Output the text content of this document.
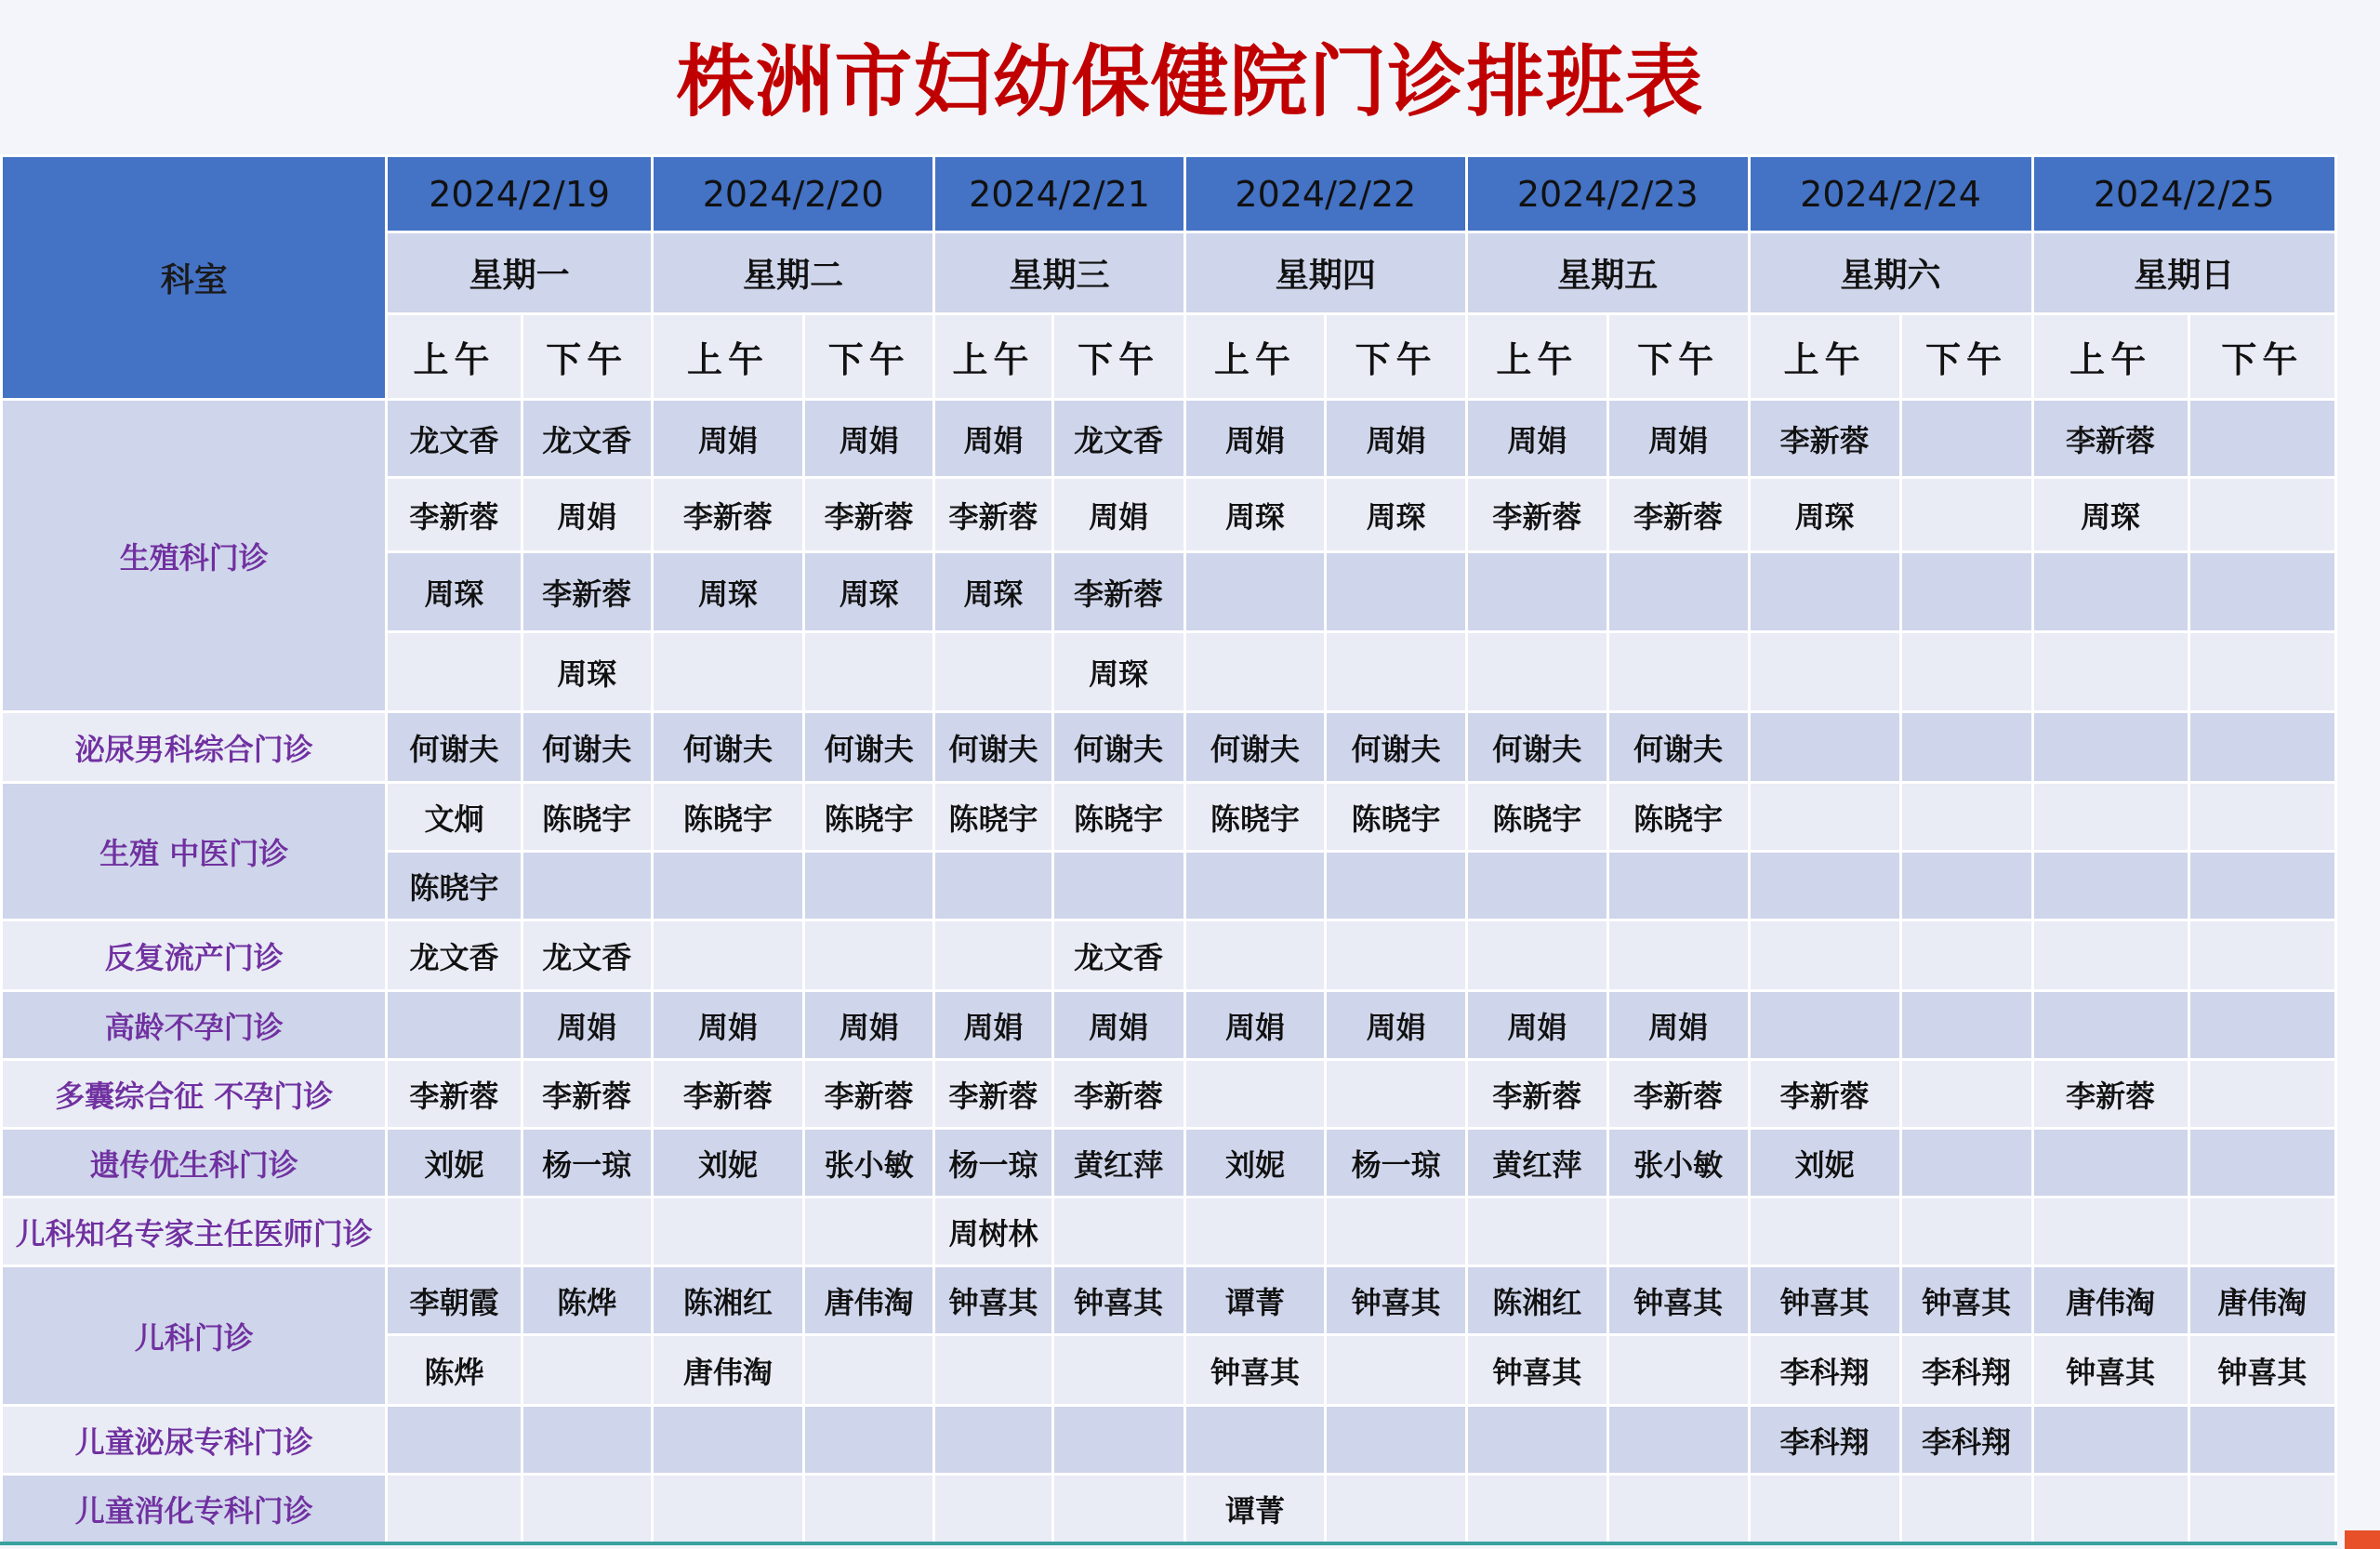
株洲市妇幼保健院门诊排班表
科室	2024/2/19		2024/2/20		2024/2/21		2024/2/22		2024/2/23		2024/2/24		2024/2/25	
	星期一		星期二		星期三		星期四		星期五		星期六		星期日	
	上午	下午	上午	下午	上午	下午	上午	下午	上午	下午	上午	下午	上午	下午
生殖科门诊	龙文香	龙文香	周娟	周娟	周娟	龙文香	周娟	周娟	周娟	周娟	李新蓉		李新蓉	
	李新蓉	周娟	李新蓉	李新蓉	李新蓉	周娟	周琛	周琛	李新蓉	李新蓉	周琛		周琛	
	周琛	李新蓉	周琛	周琛	周琛	李新蓉								
		周琛				周琛								
泌尿男科综合门诊	何谢夫	何谢夫	何谢夫	何谢夫	何谢夫	何谢夫	何谢夫	何谢夫	何谢夫	何谢夫				
生殖 中医门诊	文炯	陈晓宇	陈晓宇	陈晓宇	陈晓宇	陈晓宇	陈晓宇	陈晓宇	陈晓宇	陈晓宇				
	陈晓宇													
反复流产门诊	龙文香	龙文香				龙文香								
高龄不孕门诊		周娟	周娟	周娟	周娟	周娟	周娟	周娟	周娟	周娟				
多囊综合征 不孕门诊	李新蓉	李新蓉	李新蓉	李新蓉	李新蓉	李新蓉			李新蓉	李新蓉	李新蓉		李新蓉	
遗传优生科门诊	刘妮	杨一琼	刘妮	张小敏	杨一琼	黄红萍	刘妮	杨一琼	黄红萍	张小敏	刘妮			
儿科知名专家主任医师门诊					周树林									
儿科门诊	李朝霞	陈烨	陈湘红	唐伟淘	钟喜其	钟喜其	谭菁	钟喜其	陈湘红	钟喜其	钟喜其	钟喜其	唐伟淘	唐伟淘
	陈烨		唐伟淘				钟喜其		钟喜其		李科翔	李科翔	钟喜其	钟喜其
儿童泌尿专科门诊											李科翔	李科翔		
儿童消化专科门诊							谭菁							
